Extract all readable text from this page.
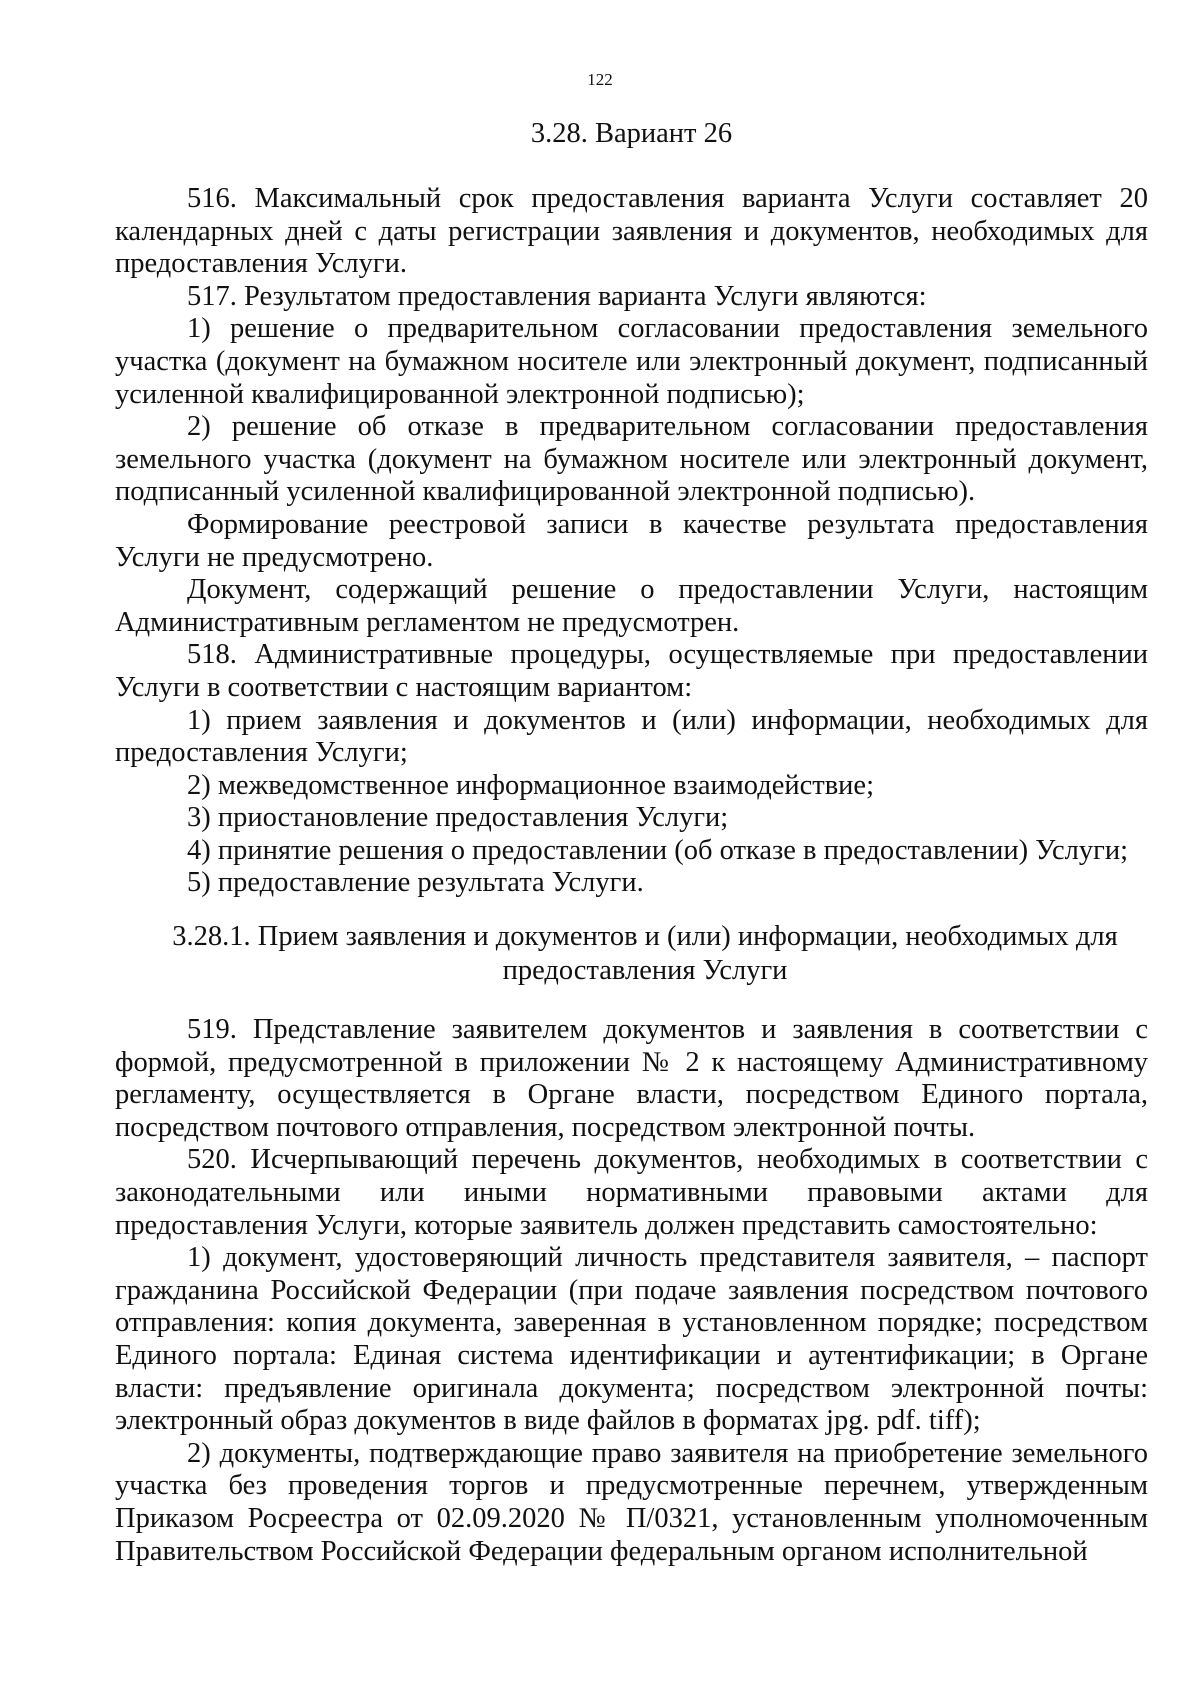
122
3.28. Вариант 26

516. Максимальный срок предоставления варианта Услуги составляет 20 календарных дней с даты регистрации заявления и документов, необходимых для предоставления Услуги.

517. Результатом предоставления варианта Услуги являются:

1) решение о предварительном согласовании предоставления земельного участка (документ на бумажном носителе или электронный документ, подписанный усиленной квалифицированной электронной подписью);

2) решение об отказе в предварительном согласовании предоставления земельного участка (документ на бумажном носителе или электронный документ, подписанный усиленной квалифицированной электронной подписью).

Формирование реестровой записи в качестве результата предоставления Услуги не предусмотрено.

Документ, содержащий решение о предоставлении Услуги, настоящим Административным регламентом не предусмотрен.

518. Административные процедуры, осуществляемые при предоставлении Услуги в соответствии с настоящим вариантом:

1) прием заявления и документов и (или) информации, необходимых для предоставления Услуги;

2) межведомственное информационное взаимодействие;

3) приостановление предоставления Услуги;

4) принятие решения о предоставлении (об отказе в предоставлении) Услуги;

5) предоставление результата Услуги.

3.28.1. Прием заявления и документов и (или) информации, необходимых для
предоставления Услуги

519. Представление заявителем документов и заявления в соответствии с формой, предусмотренной в приложении № 2 к настоящему Административному регламенту, осуществляется в Органе власти, посредством Единого портала, посредством почтового отправления, посредством электронной почты.

520. Исчерпывающий перечень документов, необходимых в соответствии с законодательными или иными нормативными правовыми актами для предоставления Услуги, которые заявитель должен представить самостоятельно:

1) документ, удостоверяющий личность представителя заявителя, – паспорт гражданина Российской Федерации (при подаче заявления посредством почтового отправления: копия документа, заверенная в установленном порядке; посредством Единого портала: Единая система идентификации и аутентификации; в Органе власти: предъявление оригинала документа; посредством электронной почты: электронный образ документов в виде файлов в форматах jpg. pdf. tiff);

2) документы, подтверждающие право заявителя на приобретение земельного участка без проведения торгов и предусмотренные перечнем, утвержденным Приказом Росреестра от 02.09.2020 № П/0321, установленным уполномоченным Правительством Российской Федерации федеральным органом исполнительной
